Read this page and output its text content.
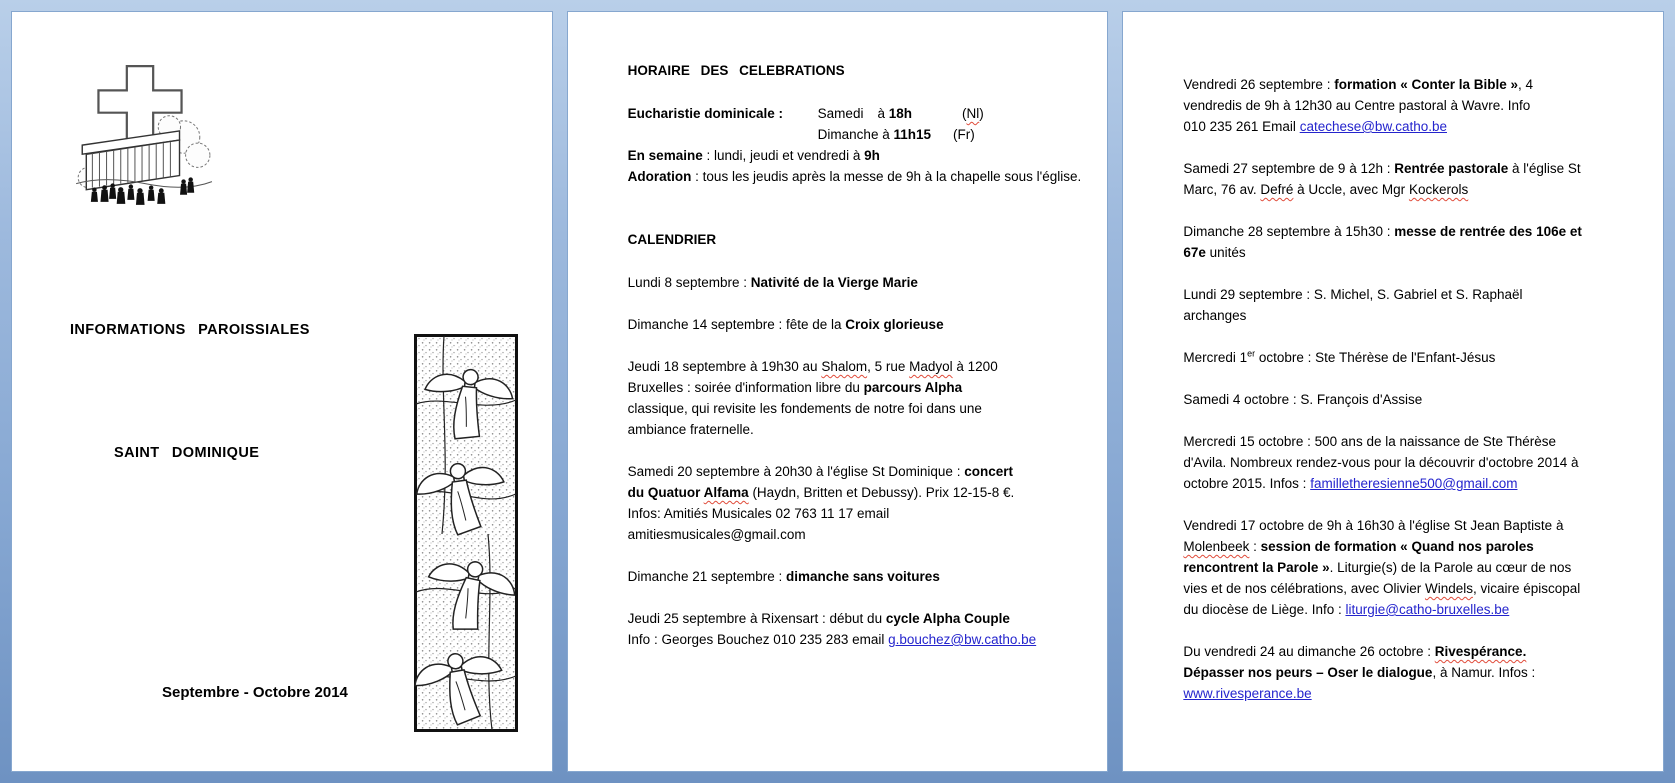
INFORMATIONS PAROISSIALES
SAINT DOMINIQUE
Septembre - Octobre 2014
HORAIRE DES CELEBRATIONS
Eucharistie dominicale :	Samedi à 18h	(Nl)
Dimanche à 11h15 (Fr)
En semaine : lundi, jeudi et vendredi à 9h
Adoration : tous les jeudis après la messe de 9h à la chapelle sous l'église.
CALENDRIER

Lundi 8 septembre : Nativité de la Vierge Marie

Dimanche 14 septembre : fête de la Croix glorieuse

Jeudi 18 septembre à 19h30 au Shalom, 5 rue Madyol à 1200
Bruxelles : soirée d'information libre du parcours Alpha
classique, qui revisite les fondements de notre foi dans une
ambiance fraternelle.

Samedi 20 septembre à 20h30 à l'église St Dominique : concert
du Quatuor Alfama (Haydn, Britten et Debussy). Prix 12-15-8 €.
Infos: Amitiés Musicales 02 763 11 17 email
amitiesmusicales@gmail.com

Dimanche 21 septembre : dimanche sans voitures

Jeudi 25 septembre à Rixensart : début du cycle Alpha Couple
Info : Georges Bouchez 010 235 283 email g.bouchez@bw.catho.be

Vendredi 26 septembre : formation « Conter la Bible », 4
vendredis de 9h à 12h30 au Centre pastoral à Wavre. Info
010 235 261 Email catechese@bw.catho.be

Samedi 27 septembre de 9 à 12h : Rentrée pastorale à l'église St
Marc, 76 av. Defré à Uccle, avec Mgr Kockerols

Dimanche 28 septembre à 15h30 : messe de rentrée des 106e et
67e unités

Lundi 29 septembre : S. Michel, S. Gabriel et S. Raphaël
archanges

Mercredi 1er octobre : Ste Thérèse de l'Enfant-Jésus

Samedi 4 octobre : S. François d'Assise

Mercredi 15 octobre : 500 ans de la naissance de Ste Thérèse
d'Avila. Nombreux rendez-vous pour la découvrir d'octobre 2014 à
octobre 2015. Infos : familletheresienne500@gmail.com

Vendredi 17 octobre de 9h à 16h30 à l'église St Jean Baptiste à
Molenbeek : session de formation « Quand nos paroles
rencontrent la Parole ». Liturgie(s) de la Parole au cœur de nos
vies et de nos célébrations, avec Olivier Windels, vicaire épiscopal
du diocèse de Liège. Info : liturgie@catho-bruxelles.be

Du vendredi 24 au dimanche 26 octobre : Rivespérance.
Dépasser nos peurs – Oser le dialogue, à Namur. Infos :
www.rivesperance.be
